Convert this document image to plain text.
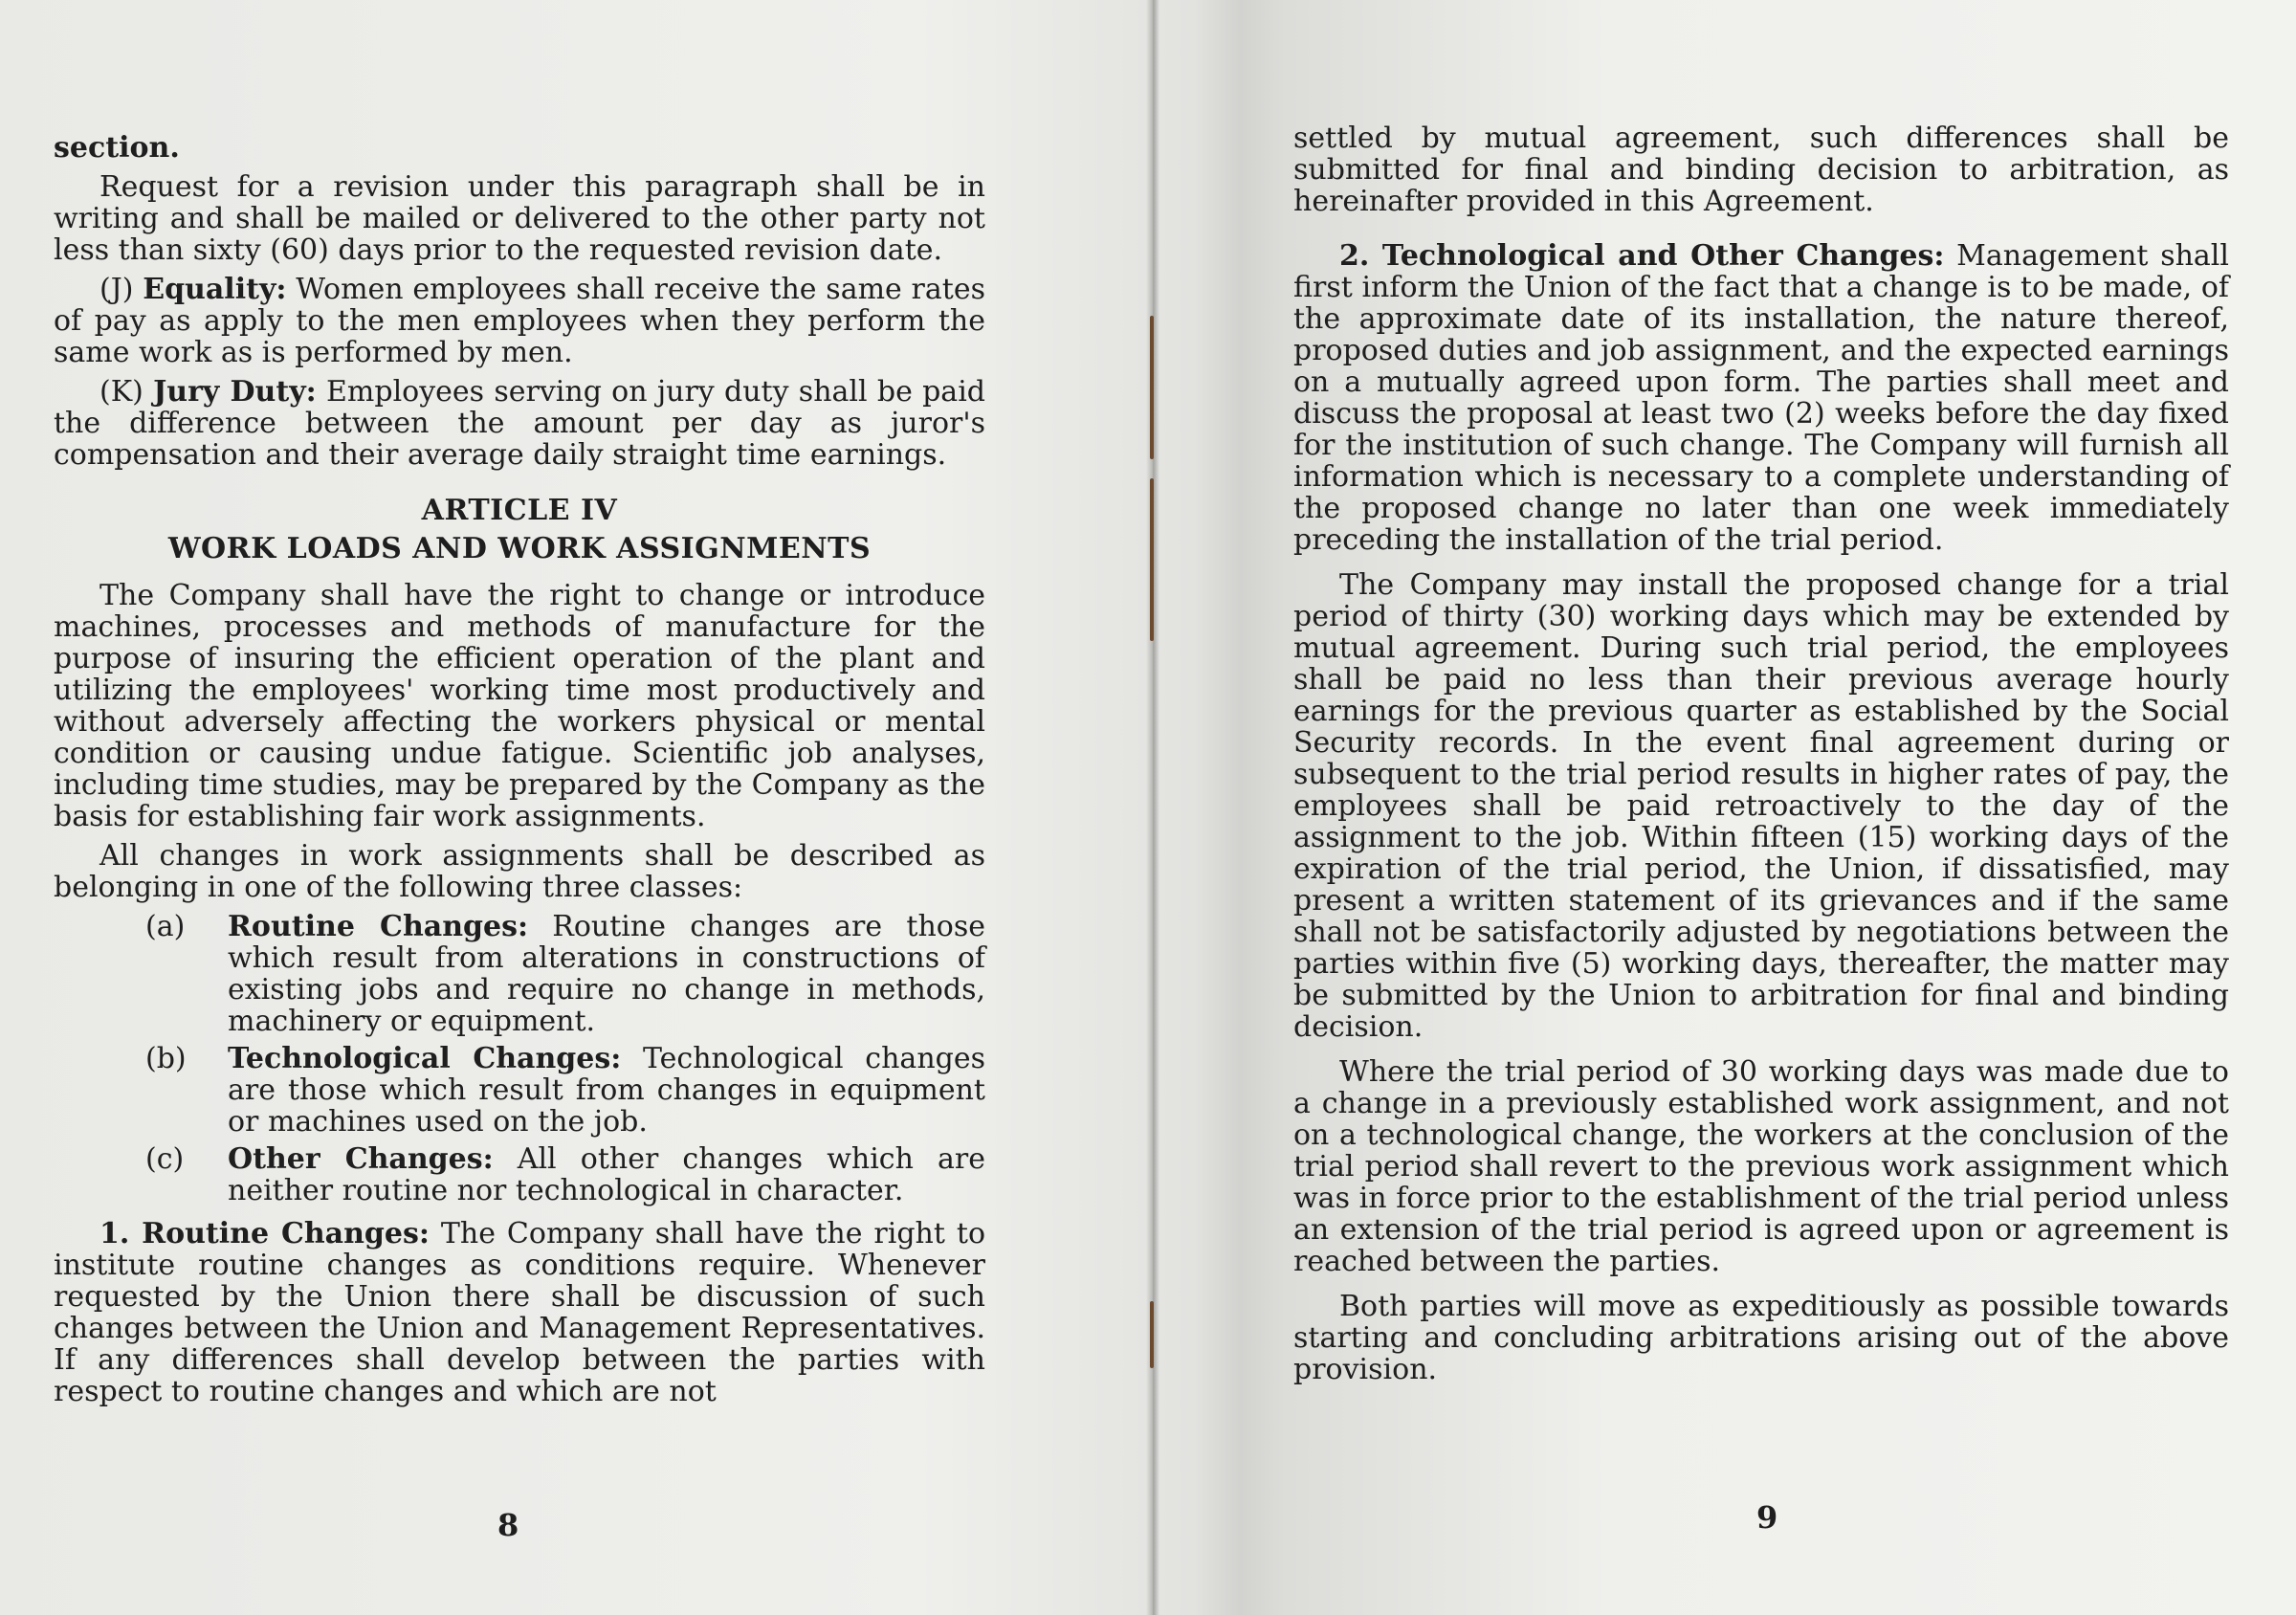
section.

Request for a revision under this paragraph shall be in writing and shall be mailed or delivered to the other party not less than sixty (60) days prior to the requested revision date.

(J) Equality: Women employees shall receive the same rates of pay as apply to the men employees when they perform the same work as is performed by men.

(K) Jury Duty: Employees serving on jury duty shall be paid the difference between the amount per day as juror's compensation and their average daily straight time earnings.

ARTICLE IV
WORK LOADS AND WORK ASSIGNMENTS

The Company shall have the right to change or introduce machines, processes and methods of manufacture for the purpose of insuring the efficient operation of the plant and utilizing the employees' working time most productively and without adversely affecting the workers physical or mental condition or causing undue fatigue. Scientific job analyses, including time studies, may be prepared by the Company as the basis for establishing fair work assignments.

All changes in work assignments shall be described as belonging in one of the following three classes:

(a)	Routine Changes: Routine changes are those which result from alterations in constructions of existing jobs and require no change in methods, machinery or equipment.
(b)	Technological Changes: Technological changes are those which result from changes in equipment or machines used on the job.
(c)	Other Changes: All other changes which are neither routine nor technological in character.

1. Routine Changes: The Company shall have the right to institute routine changes as conditions require. Whenever requested by the Union there shall be discussion of such changes between the Union and Management Representatives. If any differences shall develop between the parties with respect to routine changes and which are not

8

settled by mutual agreement, such differences shall be submitted for final and binding decision to arbitration, as hereinafter provided in this Agreement.

2. Technological and Other Changes: Management shall first inform the Union of the fact that a change is to be made, of the approximate date of its installation, the nature thereof, proposed duties and job assignment, and the expected earnings on a mutually agreed upon form. The parties shall meet and discuss the proposal at least two (2) weeks before the day fixed for the institution of such change. The Company will furnish all information which is necessary to a complete understanding of the proposed change no later than one week immediately preceding the installation of the trial period.

The Company may install the proposed change for a trial period of thirty (30) working days which may be extended by mutual agreement. During such trial period, the employees shall be paid no less than their previous average hourly earnings for the previous quarter as established by the Social Security records. In the event final agreement during or subsequent to the trial period results in higher rates of pay, the employees shall be paid retroactively to the day of the assignment to the job. Within fifteen (15) working days of the expiration of the trial period, the Union, if dissatisfied, may present a written statement of its grievances and if the same shall not be satisfactorily adjusted by negotiations between the parties within five (5) working days, thereafter, the matter may be submitted by the Union to arbitration for final and binding decision.

Where the trial period of 30 working days was made due to a change in a previously established work assignment, and not on a technological change, the workers at the conclusion of the trial period shall revert to the previous work assignment which was in force prior to the establishment of the trial period unless an extension of the trial period is agreed upon or agreement is reached between the parties.

Both parties will move as expeditiously as possible towards starting and concluding arbitrations arising out of the above provision.

9
